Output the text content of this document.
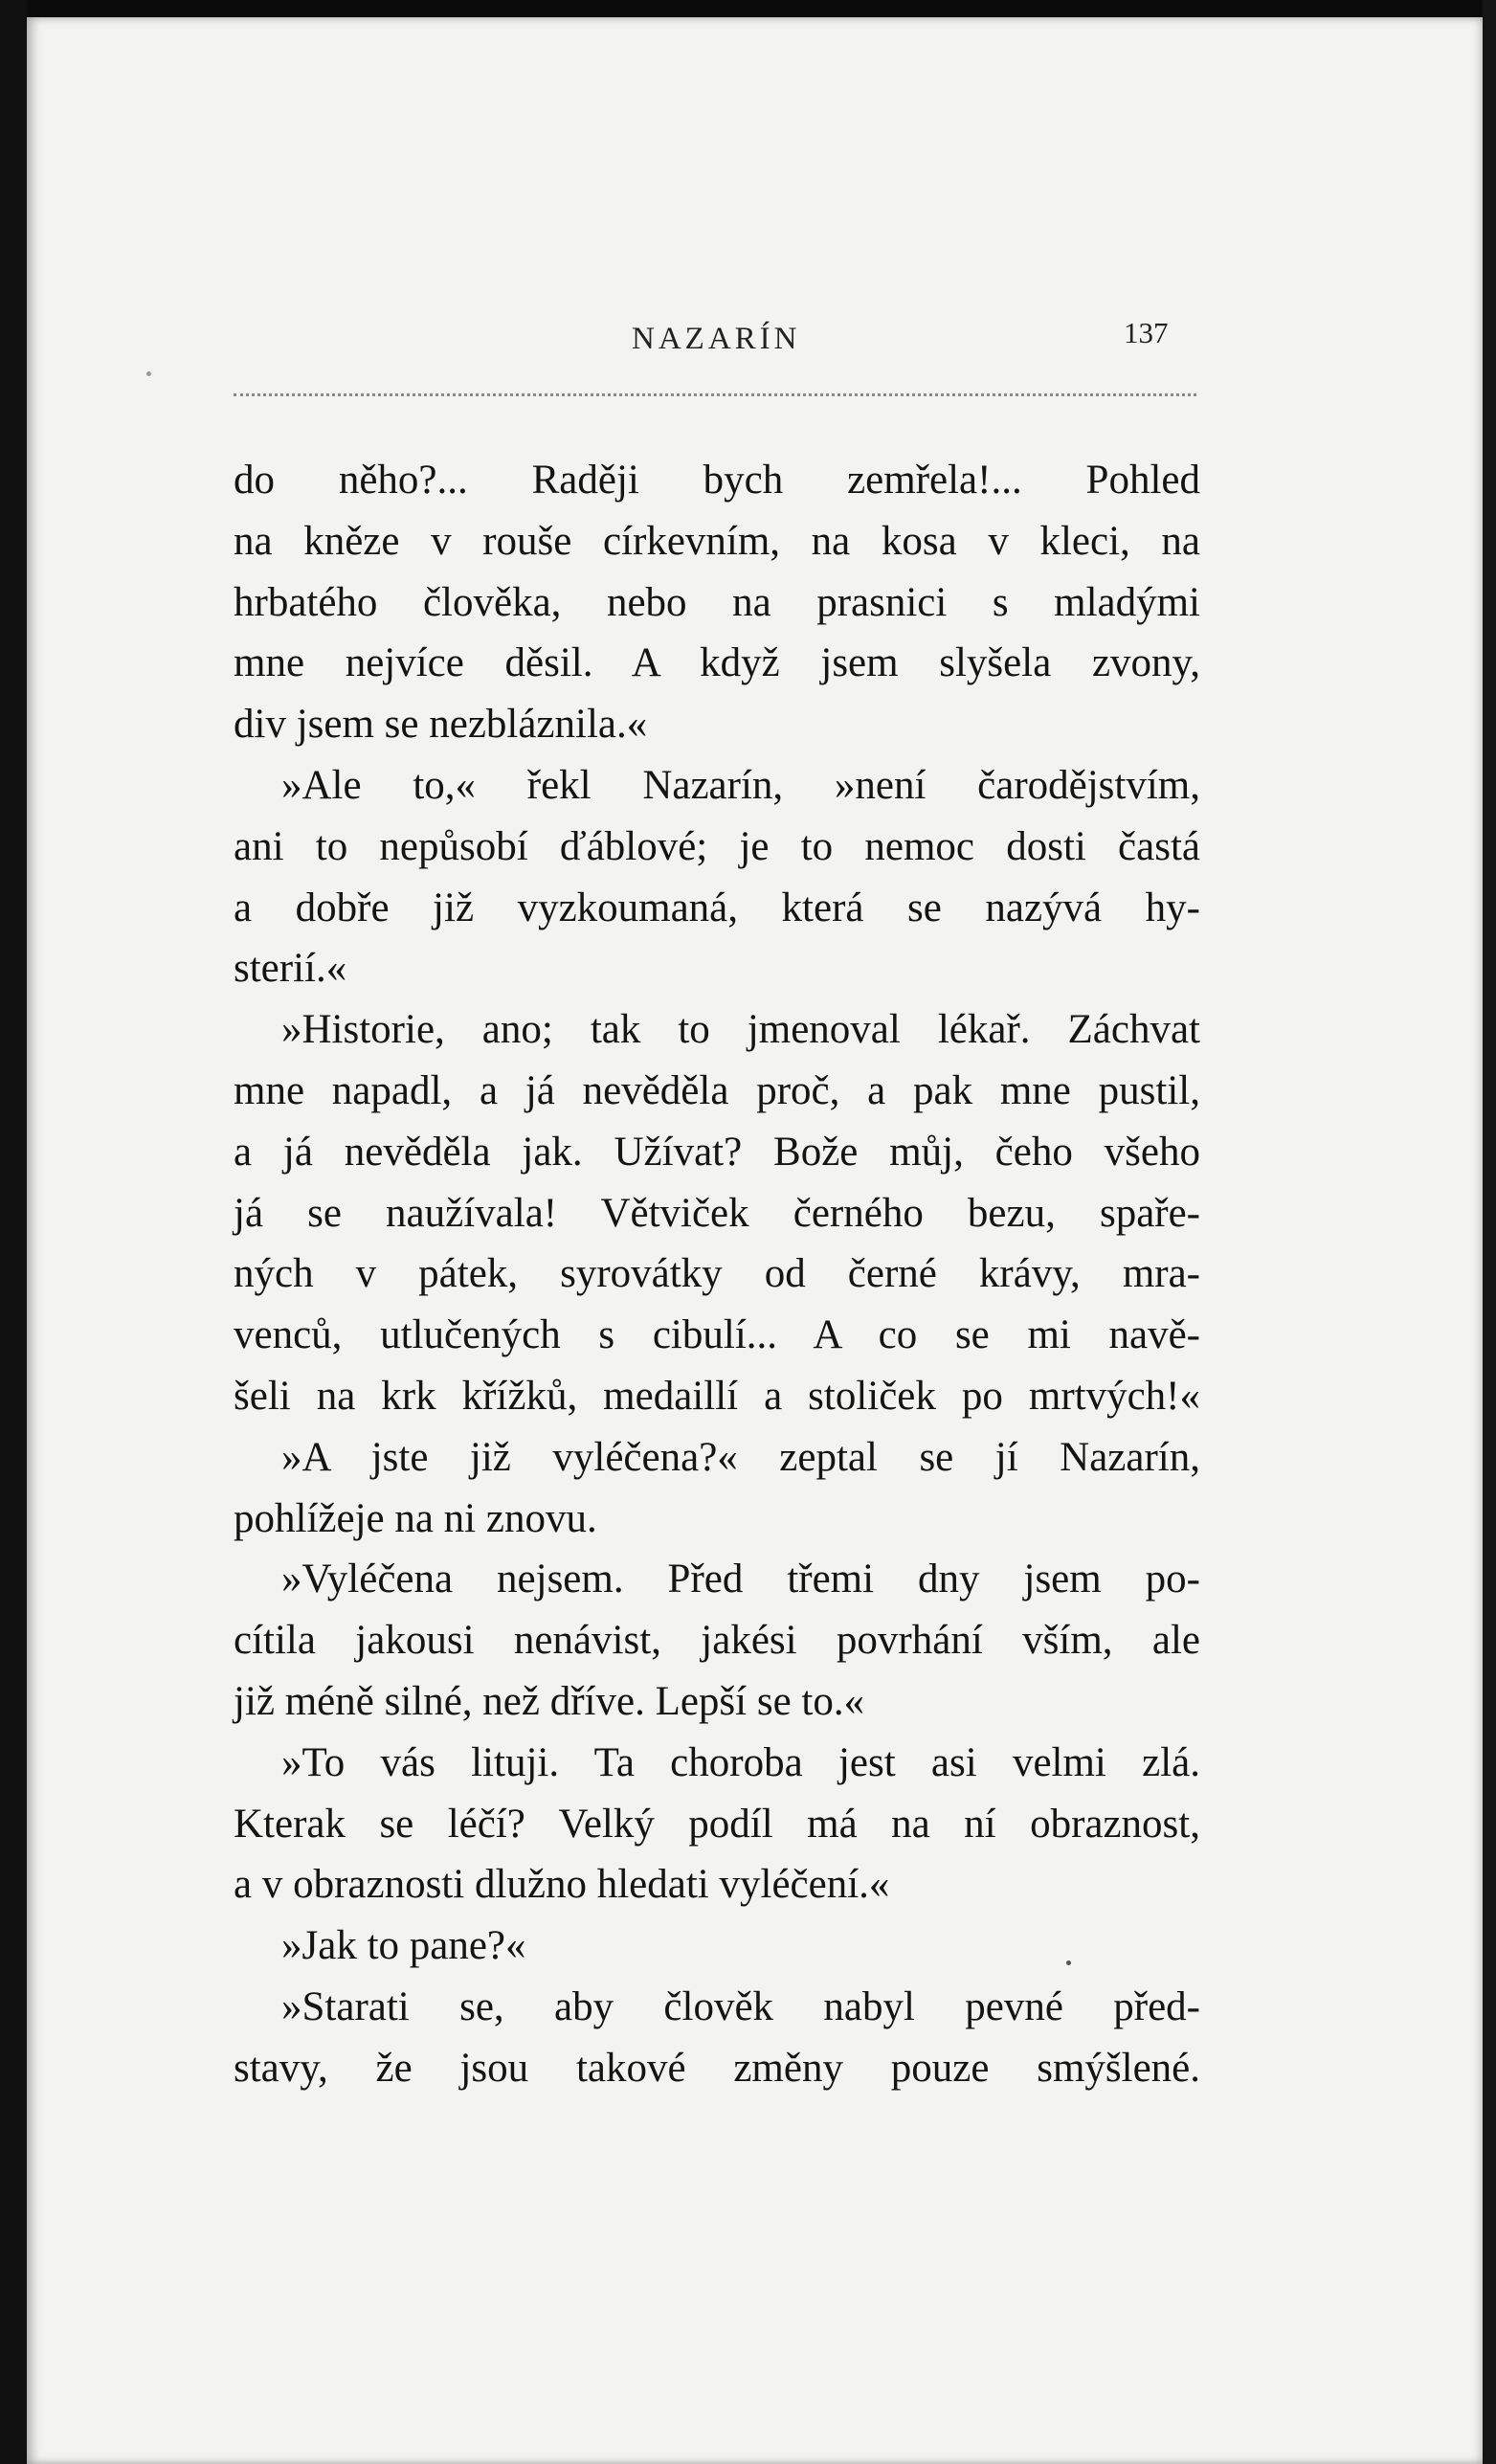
NAZARÍN	137
do něho?... Raději bych zemřela!... Pohled
na kněze v rouše církevním, na kosa v kleci, na
hrbatého člověka, nebo na prasnici s mladými
mne nejvíce děsil. A když jsem slyšela zvony,
div jsem se nezbláznila.«
»Ale to,« řekl Nazarín, »není čarodějstvím,
ani to nepůsobí ďáblové; je to nemoc dosti častá
a dobře již vyzkoumaná, která se nazývá hy-
sterií.«
»Historie, ano; tak to jmenoval lékař. Záchvat
mne napadl, a já nevěděla proč, a pak mne pustil,
a já nevěděla jak. Užívat? Bože můj, čeho všeho
já se naužívala! Větviček černého bezu, spaře-
ných v pátek, syrovátky od černé krávy, mra-
venců, utlučených s cibulí... A co se mi navě-
šeli na krk křížků, medaillí a stoliček po mrtvých!«
»A jste již vyléčena?« zeptal se jí Nazarín,
pohlížeje na ni znovu.
»Vyléčena nejsem. Před třemi dny jsem po-
cítila jakousi nenávist, jakési povrhání vším, ale
již méně silné, než dříve. Lepší se to.«
»To vás lituji. Ta choroba jest asi velmi zlá.
Kterak se léčí? Velký podíl má na ní obraznost,
a v obraznosti dlužno hledati vyléčení.«
»Jak to pane?«
»Starati se, aby člověk nabyl pevné před-
stavy, že jsou takové změny pouze smýšlené.
